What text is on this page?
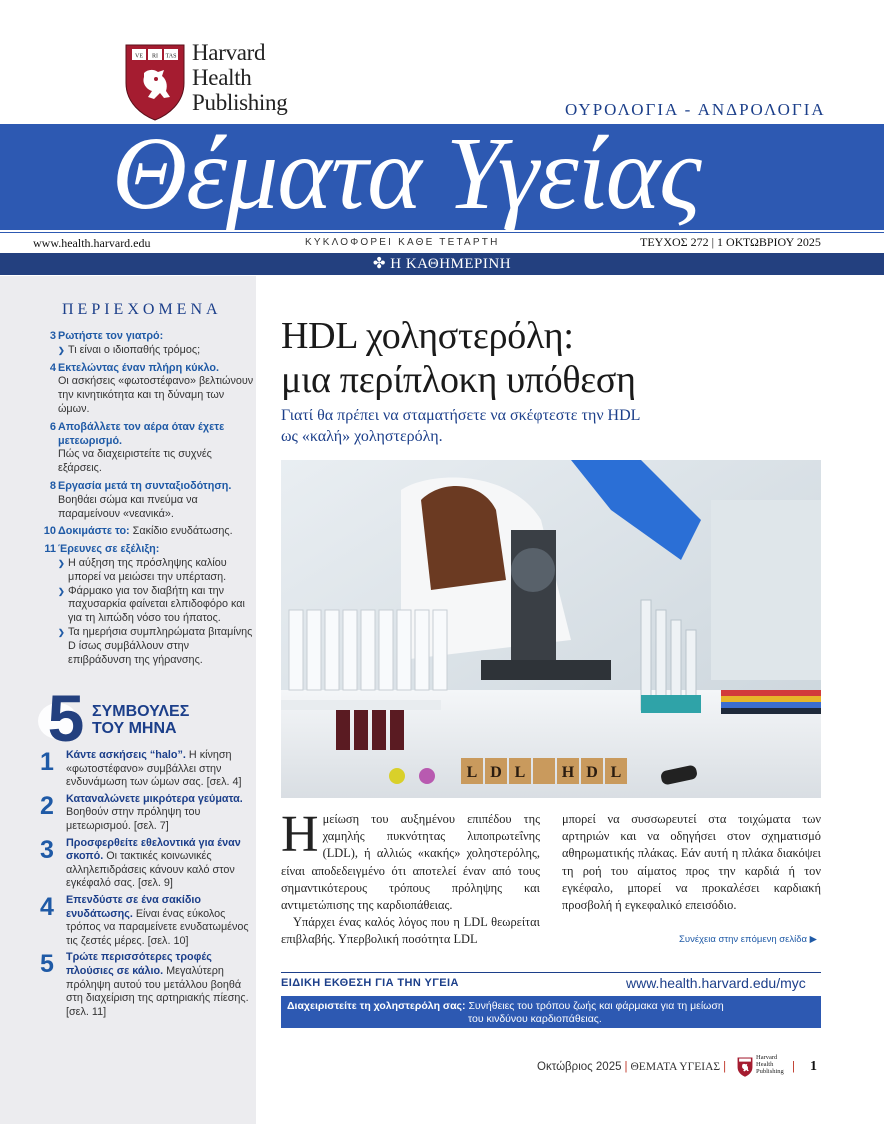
VE RI TAS Harvard
Health
Publishing	ΟΥΡΟΛΟΓΙΑ - ΑΝΔΡΟΛΟΓΙΑ
Θέματα Υγείας
www.health.harvard.edu	ΚΥΚΛΟΦΟΡΕΙ ΚΑΘΕ ΤΕΤΑΡΤΗ	ΤΕΥΧΟΣ 272 | 1 ΟΚΤΩΒΡΙΟΥ 2025
✤ Η ΚΑΘΗΜΕΡΙΝΗ
ΠΕΡΙΕΧΟΜΕΝΑ
3 Ρωτήστε τον γιατρό:
❯ Τι είναι ο ιδιοπαθής τρόμος;
4 Εκτελώντας έναν πλήρη κύκλο.
Οι ασκήσεις «φωτοστέφανο» βελτιώνουν την κινητικότητα και τη δύναμη των ώμων.
6 Αποβάλλετε τον αέρα όταν έχετε μετεωρισμό.
Πώς να διαχειριστείτε τις συχνές εξάρσεις.
8 Εργασία μετά τη συνταξιοδότηση.
Βοηθάει σώμα και πνεύμα να παραμείνουν «νεανικά».
10 Δοκιμάστε το: Σακίδιο ενυδάτωσης.
11 Έρευνες σε εξέλιξη:
❯ Η αύξηση της πρόσληψης καλίου μπορεί να μειώσει την υπέρταση.
❯ Φάρμακο για τον διαβήτη και την παχυσαρκία φαίνεται ελπιδοφόρο και για τη λιπώδη νόσο του ήπατος.
❯ Τα ημερήσια συμπληρώματα βιταμίνης D ίσως συμβάλλουν στην επιβράδυνση της γήρανσης.
5 ΣΥΜΒΟΥΛΕΣ
ΤΟΥ ΜΗΝΑ
1 Κάντε ασκήσεις “halo”. Η κίνηση «φωτοστέφανο» συμβάλλει στην ενδυνάμωση των ώμων σας. [σελ. 4]
2 Καταναλώνετε μικρότερα γεύματα. Βοηθούν στην πρόληψη του μετεωρισμού. [σελ. 7]
3 Προσφερθείτε εθελοντικά για έναν σκοπό. Οι τακτικές κοινωνικές αλληλεπιδράσεις κάνουν καλό στον εγκέφαλό σας. [σελ. 9]
4 Επενδύστε σε ένα σακίδιο ενυδάτωσης. Είναι ένας εύκολος τρόπος να παραμείνετε ενυδατωμένος τις ζεστές μέρες. [σελ. 10]
5 Τρώτε περισσότερες τροφές πλούσιες σε κάλιο. Μεγαλύτερη πρόληψη αυτού του μετάλλου βοηθά στη διαχείριση της αρτηριακής πίεσης. [σελ. 11]
HDL χοληστερόλη:
μια περίπλοκη υπόθεση
Γιατί θα πρέπει να σταματήσετε να σκέφτεστε την HDL
ως «καλή» χοληστερόλη.
L D L H D L
Η μείωση του αυξημένου επιπέδου της χαμηλής πυκνότητας λιποπρωτεΐνης (LDL), ή αλλιώς «κακής» χοληστερόλης, είναι αποδεδειγμένο ότι αποτελεί έναν από τους σημαντικότερους τρόπους πρόληψης και αντιμετώπισης της καρδιοπάθειας.

Υπάρχει ένας καλός λόγος που η LDL θεωρείται επιβλαβής. Υπερβολική ποσότητα LDL

μπορεί να συσσωρευτεί στα τοιχώματα των αρτηριών και να οδηγήσει στον σχηματισμό αθηρωματικής πλάκας. Εάν αυτή η πλάκα διακόψει τη ροή του αίματος προς την καρδιά ή τον εγκέφαλο, μπορεί να προκαλέσει καρδιακή προσβολή ή εγκεφαλικό επεισόδιο.

Συνέχεια στην επόμενη σελίδα ▶
ΕΙΔΙΚΗ ΕΚΘΕΣΗ ΓΙΑ ΤΗΝ ΥΓΕΙΑ	www.health.harvard.edu/myc
Διαχειριστείτε τη χοληστερόλη σας: Συνήθειες του τρόπου ζωής και φάρμακα για τη μείωση
του κινδύνου καρδιοπάθειας.
Οκτώβριος 2025 | ΘΕΜΑΤΑ ΥΓΕΙΑΣ |
Harvard
Health
Publishing | 1
